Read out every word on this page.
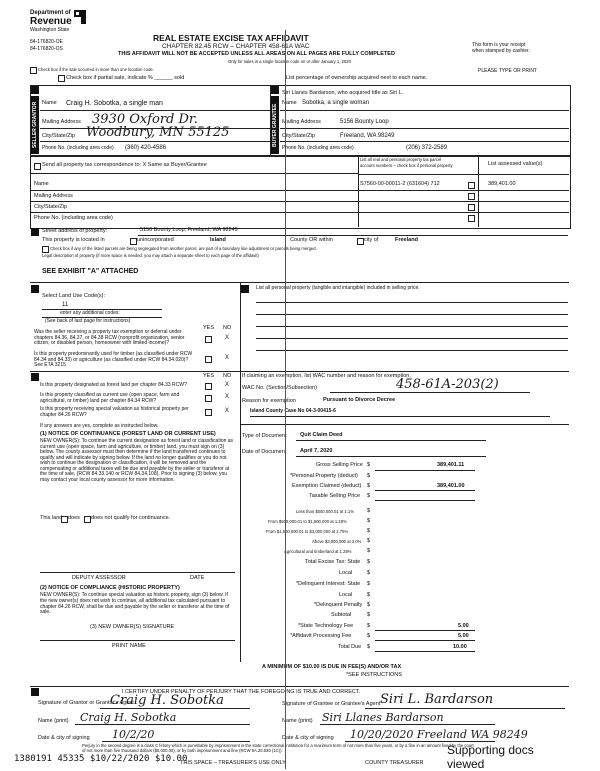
Department of
Revenue
Washington State
84-176820-OE
84-176820-OS
REAL ESTATE EXCISE TAX AFFIDAVIT
CHAPTER 82.45 RCW – CHAPTER 458-61A WAC
THIS AFFIDAVIT WILL NOT BE ACCEPTED UNLESS ALL AREAS ON ALL PAGES ARE FULLY COMPLETED
Only for sales in a single location code on or after January 1, 2020
This form is your receipt
when stamped by cashier.
PLEASE TYPE OR PRINT
Check box if the sale occurred in more than one location code.
Check box if partial sale, indicate % ______ sold	List percentage of ownership acquired next to each name.
SELLER GRANTOR Name Craig H. Sobotka, a single man
Mailing Address 3930 Oxford Dr.
City/State/Zip Woodbury, MN 55125
Phone No. (including area code) (360) 420-4586
BUYER GRANTEE
Siri Llanes Bardarson, who acquired title as Siri L.
Name Sobotka, a single woman
Mailing Address	5156 Bounty Loop
City/State/Zip	Freeland, WA 98249
Phone No. (including area code)	(206) 372-2589
Send all property tax correspondence to: X Same as Buyer/Grantee
Name
Mailing Address
City/State/Zip
Phone No. (including area code)
List all real and personal property tax parcel
account numbers – check box if personal property	List assessed value(s)
S7560-00-00011-2 (631604) 712	389,401.00
Street address of property:	5156 Bounty Loop, Freeland, WA 98249
This property is located in	unincorporated	Island	County OR within	city of	Freeland
Check box if any of the listed parcels are being segregated from another parcel, are part of a boundary line adjustment or parcels being merged.
Legal description of property (if more space is needed, you may attach a separate sheet to each page of the affidavit)
SEE EXHIBIT "A" ATTACHED
Select Land Use Code(s):
11
enter any additional codes:
(See back of last page for instructions)
YES NO
Was the seller receiving a property tax exemption or deferral under chapters 84.36, 84.37, or 84.38 RCW (nonprofit organization, senior citizen, or disabled person, homeowner with limited income)?
X
Is this property predominantly used for timber (as classified under RCW 84.34 and 84.33) or agriculture (as classified under RCW 84.34.020)? See ETA 3215
X
YES NO
Is this property designated as forest land per chapter 84.33 RCW?	X
Is this property classified as current use (open space, farm and agricultural, or timber) land per chapter 84.34 RCW?
X
Is this property receiving special valuation as historical property per chapter 84.26 RCW?
X
If any answers are yes, complete as instructed below.
(1) NOTICE OF CONTINUANCE (FOREST LAND OR CURRENT USE)
NEW OWNER(S): To continue the current designation as forest land or classification as current use (open space, farm and agriculture, or timber) land, you must sign on (3) below. The county assessor must then determine if the land transferred continues to qualify and will indicate by signing below. If the land no longer qualifies or you do not wish to continue the designation or classification, it will be removed and the compensating or additional taxes will be due and payable by the seller or transferor at the time of sale. (RCW 84.33.140 or RCW 84.34.108). Prior to signing (3) below, you may contact your local county assessor for more information.
This land does does not qualify for continuance.
DEPUTY ASSESSOR	DATE
(2) NOTICE OF COMPLIANCE (HISTORIC PROPERTY)
NEW OWNER(S): To continue special valuation as historic property, sign (3) below. If the new owner(s) does not wish to continue, all additional tax calculated pursuant to chapter 84.26 RCW, shall be due and payable by the seller or transferor at the time of sale.
(3) NEW OWNER(S) SIGNATURE
PRINT NAME
List all personal property (tangible and intangible) included in selling price.
If claiming an exemption, list WAC number and reason for exemption.
WAC No. (Section/Subsection)	458-61A-203(2)
Reason for exemption	Pursuant to Divorce Decree
Island County Case No 04-3-00415-6
Type of Document Quit Claim Deed
Date of Document April 7, 2020
Gross Selling Price $	389,401.11
*Personal Property (deduct) $
Exemption Claimed (deduct) $	389,401.00
Taxable Selling Price $
Less than $500,000.01 at 1.1% $
From $500,000.01 to $1,500,000 at 1.28%	$
From $1,500,000.01 to $3,000,000 at 2.75%	$
Above $3,000,000 at 3.0% $
Agricultural and timberland at 1.28%	$
Total Excise Tax: State $
Local	$
*Delinquent Interest: State $
Local	$
*Delinquent Penalty $
Subtotal	$
*State Technology Fee	$	5.00
*Affidavit Processing Fee	$	5.00
Total Due $	10.00
A MINIMUM OF $10.00 IS DUE IN FEE(S) AND/OR TAX
*SEE INSTRUCTIONS
I CERTIFY UNDER PENALTY OF PERJURY THAT THE FOREGOING IS TRUE AND CORRECT.
Signature of Grantor or Grantor's Agent
Craig H. Sobotka
Name (print) Craig H. Sobotka
Date & city of signing 10/2/20
Signature of Grantee or Grantee's Agent Siri L. Bardarson
Name (print) Siri Llanes Bardarson
Date & city of signing 10/20/2020 Freeland WA 98249
Perjury in the second degree is a class C felony which is punishable by imprisonment in the state correctional institution for a maximum term of not more than five years, or by a fine in an amount fixed by the court of not more than five thousand dollars ($5,000.00), or by both imprisonment and fine (RCW 9A.20.020 (1C)).
1380191 45335 $10/22/2020 $10.00
THIS SPACE – TREASURER'S USE ONLY	COUNTY TREASURER
Supporting docs viewed
